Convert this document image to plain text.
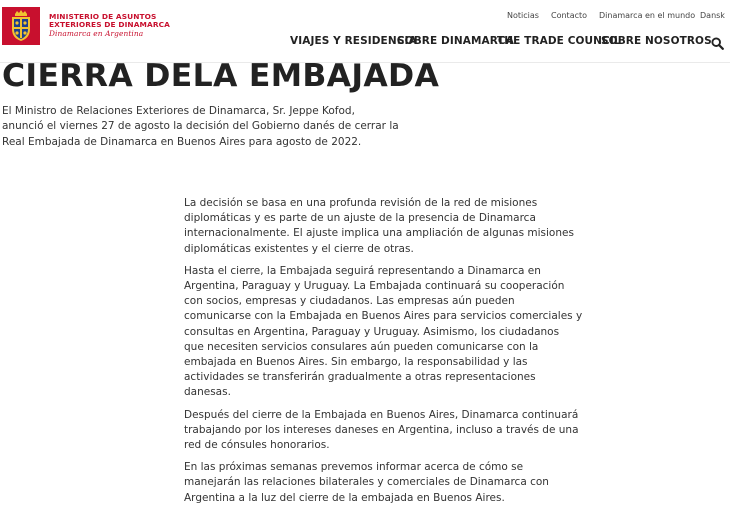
MINISTERIO DE ASUNTOS
EXTERIORES DE DINAMARCA
Dinamarca en Argentina
Noticias Contacto Dinamarca en el mundo Dansk
VIAJES Y RESIDENCIA
SOBRE DINAMARCA
THE TRADE COUNCIL
SOBRE NOSOTROS
CIERRA DELA EMBAJADA
El Ministro de Relaciones Exteriores de Dinamarca, Sr. Jeppe Kofod,
anunció el viernes 27 de agosto la decisión del Gobierno danés de cerrar la
Real Embajada de Dinamarca en Buenos Aires para agosto de 2022.

La decisión se basa en una profunda revisión de la red de misiones
diplomáticas y es parte de un ajuste de la presencia de Dinamarca
internacionalmente. El ajuste implica una ampliación de algunas misiones
diplomáticas existentes y el cierre de otras.

Hasta el cierre, la Embajada seguirá representando a Dinamarca en
Argentina, Paraguay y Uruguay. La Embajada continuará su cooperación
con socios, empresas y ciudadanos. Las empresas aún pueden
comunicarse con la Embajada en Buenos Aires para servicios comerciales y
consultas en Argentina, Paraguay y Uruguay. Asimismo, los ciudadanos
que necesiten servicios consulares aún pueden comunicarse con la
embajada en Buenos Aires. Sin embargo, la responsabilidad y las
actividades se transferirán gradualmente a otras representaciones
danesas.

Después del cierre de la Embajada en Buenos Aires, Dinamarca continuará
trabajando por los intereses daneses en Argentina, incluso a través de una
red de cónsules honorarios.

En las próximas semanas prevemos informar acerca de cómo se
manejarán las relaciones bilaterales y comerciales de Dinamarca con
Argentina a la luz del cierre de la embajada en Buenos Aires.
